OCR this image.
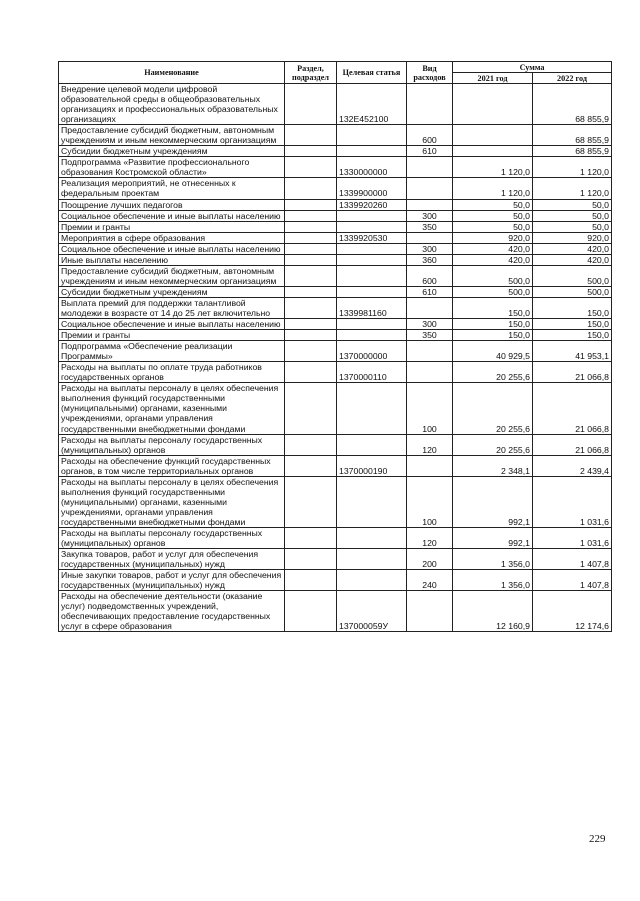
Наименование	Раздел, подраздел	Целевая статья	Вид расходов	Сумма	
				2021 год	2022 год
Внедрение целевой модели цифровой образовательной среды в общеобразовательных организациях и профессиональных образовательных организациях		132Е452100			68 855,9
Предоставление субсидий бюджетным, автономным учреждениям и иным некоммерческим организациям			600		68 855,9
Субсидии бюджетным учреждениям			610		68 855,9
Подпрограмма «Развитие профессионального образования Костромской области»		1330000000		1 120,0	1 120,0
Реализация мероприятий, не отнесенных к федеральным проектам		1339900000		1 120,0	1 120,0
Поощрение лучших педагогов		1339920260		50,0	50,0
Социальное обеспечение и иные выплаты населению			300	50,0	50,0
Премии и гранты			350	50,0	50,0
Мероприятия в сфере образования		1339920530		920,0	920,0
Социальное обеспечение и иные выплаты населению			300	420,0	420,0
Иные выплаты населению			360	420,0	420,0
Предоставление субсидий бюджетным, автономным учреждениям и иным некоммерческим организациям			600	500,0	500,0
Субсидии бюджетным учреждениям			610	500,0	500,0
Выплата премий для поддержки талантливой молодежи в возрасте от 14 до 25 лет включительно		1339981160		150,0	150,0
Социальное обеспечение и иные выплаты населению			300	150,0	150,0
Премии и гранты			350	150,0	150,0
Подпрограмма «Обеспечение реализации Программы»		1370000000		40 929,5	41 953,1
Расходы на выплаты по оплате труда работников государственных органов		1370000110		20 255,6	21 066,8
Расходы на выплаты персоналу в целях обеспечения выполнения функций государственными (муниципальными) органами, казенными учреждениями, органами управления государственными внебюджетными фондами			100	20 255,6	21 066,8
Расходы на выплаты персоналу государственных (муниципальных) органов			120	20 255,6	21 066,8
Расходы на обеспечение функций государственных органов, в том числе территориальных органов		1370000190		2 348,1	2 439,4
Расходы на выплаты персоналу в целях обеспечения выполнения функций государственными (муниципальными) органами, казенными учреждениями, органами управления государственными внебюджетными фондами			100	992,1	1 031,6
Расходы на выплаты персоналу государственных (муниципальных) органов			120	992,1	1 031,6
Закупка товаров, работ и услуг для обеспечения государственных (муниципальных) нужд			200	1 356,0	1 407,8
Иные закупки товаров, работ и услуг для обеспечения государственных (муниципальных) нужд			240	1 356,0	1 407,8
Расходы на обеспечение деятельности (оказание услуг) подведомственных учреждений, обеспечивающих предоставление государственных услуг в сфере образования		137000059У		12 160,9	12 174,6
229
